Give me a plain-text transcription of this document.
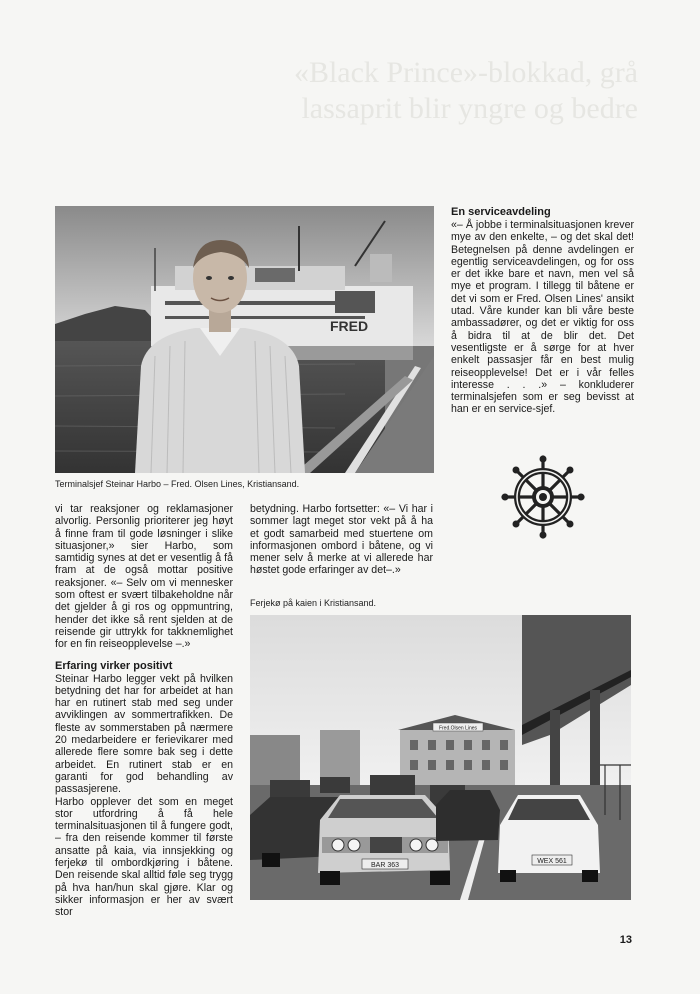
«Black Prince»-blokkad, grå lassaprit blir yngre og bedre
FRED
Terminalsjef Steinar Harbo – Fred. Olsen Lines, Kristiansand.

En serviceavdeling

«– Å jobbe i terminalsituasjonen krever mye av den enkelte, – og det skal det! Betegnelsen på denne avdelingen er egentlig serviceavdelingen, og for oss er det ikke bare et navn, men vel så mye et program. I tillegg til båtene er det vi som er Fred. Olsen Lines' ansikt utad. Våre kunder kan bli våre beste ambassadører, og det er viktig for oss å bidra til at de blir det. Det vesentligste er å sørge for at hver enkelt passasjer får en best mulig reiseopplevelse! Det er i vår felles interesse . . .» – konkluderer terminalsjefen som er seg bevisst at han er en service-sjef.

vi tar reaksjoner og reklamasjoner alvorlig. Personlig prioriterer jeg høyt å finne fram til gode løsninger i slike situasjoner,» sier Harbo, som samtidig synes at det er vesentlig å få fram at de også mottar positive reaksjoner. «– Selv om vi mennesker som oftest er svært tilbakeholdne når det gjelder å gi ros og oppmuntring, hender det ikke så rent sjelden at de reisende gir uttrykk for takknemlighet for en fin reiseopplevelse –.»

Erfaring virker positivt

Steinar Harbo legger vekt på hvilken betydning det har for arbeidet at han har en rutinert stab med seg under avviklingen av sommertrafikken. De fleste av sommerstaben på nærmere 20 medarbeidere er ferievikarer med allerede flere somre bak seg i dette arbeidet. En rutinert stab er en garanti for god behandling av passasjerene.

Harbo opplever det som en meget stor utfordring å få hele terminalsituasjonen til å fungere godt, – fra den reisende kommer til første ansatte på kaia, via innsjekking og ferjekø til ombordkjøring i båtene. Den reisende skal alltid føle seg trygg på hva han/hun skal gjøre. Klar og sikker informasjon er her av svært stor

betydning. Harbo fortsetter: «– Vi har i sommer lagt meget stor vekt på å ha et godt samarbeid med stuertene om informasjonen ombord i båtene, og vi mener selv å merke at vi allerede har høstet gode erfaringer av det–.»

Ferjekø på kaien i Kristiansand.
Fred.Olsen Lines
BAR 363
WEX 561
13
